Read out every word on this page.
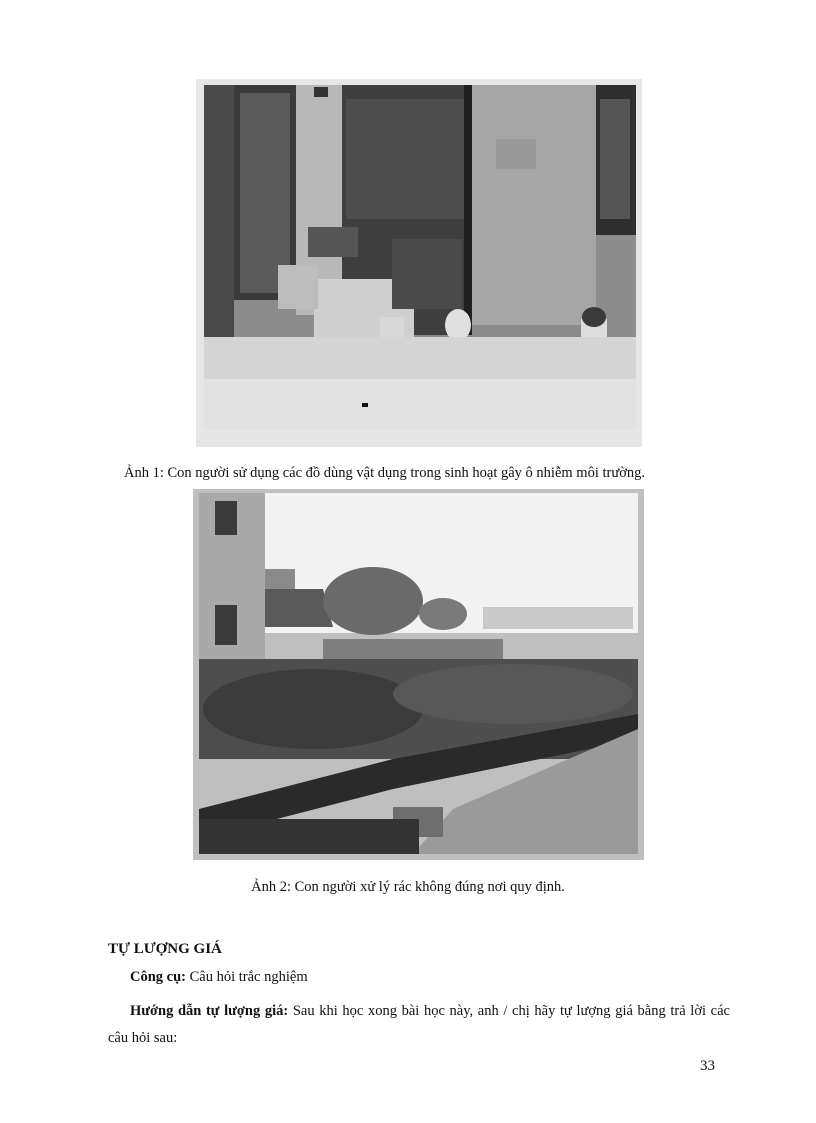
Ảnh 1: Con người sử dụng các đồ dùng vật dụng trong sinh hoạt gây ô nhiễm môi trường.
Ảnh 2: Con người xử lý rác không đúng nơi quy định.
TỰ LƯỢNG GIÁ
Công cụ: Câu hỏi trắc nghiệm
Hướng dẫn tự lượng giá: Sau khi học xong bài học này, anh / chị hãy tự lượng giá bằng trả lời các câu hỏi sau:
33
